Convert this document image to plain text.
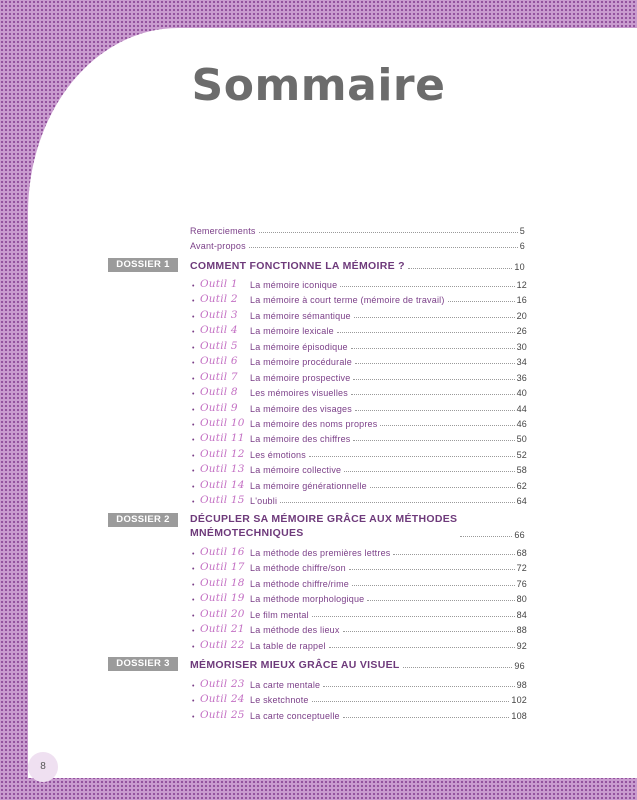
Sommaire
Remerciements	5
Avant-propos	6
DOSSIER 1	COMMENT FONCTIONNE LA MÉMOIRE ?	10
• Outil 1	La mémoire iconique	12
• Outil 2	La mémoire à court terme (mémoire de travail)	16
• Outil 3	La mémoire sémantique	20
• Outil 4	La mémoire lexicale	26
• Outil 5	La mémoire épisodique	30
• Outil 6	La mémoire procédurale	34
• Outil 7	La mémoire prospective	36
• Outil 8	Les mémoires visuelles	40
• Outil 9	La mémoire des visages	44
• Outil 10 La mémoire des noms propres	46
• Outil 11 La mémoire des chiffres	50
• Outil 12 Les émotions	52
• Outil 13 La mémoire collective	58
• Outil 14 La mémoire générationnelle	62
• Outil 15 L'oubli	64
DOSSIER 2	DÉCUPLER SA MÉMOIRE GRÂCE AUX MÉTHODES
MNÉMOTECHNIQUES	66
• Outil 16 La méthode des premières lettres	68
• Outil 17 La méthode chiffre/son	72
• Outil 18 La méthode chiffre/rime	76
• Outil 19 La méthode morphologique	80
• Outil 20 Le film mental	84
• Outil 21 La méthode des lieux	88
• Outil 22 La table de rappel	92
DOSSIER 3	MÉMORISER MIEUX GRÂCE AU VISUEL	96
• Outil 23 La carte mentale	98
• Outil 24 Le sketchnote	102
• Outil 25 La carte conceptuelle	108
8
